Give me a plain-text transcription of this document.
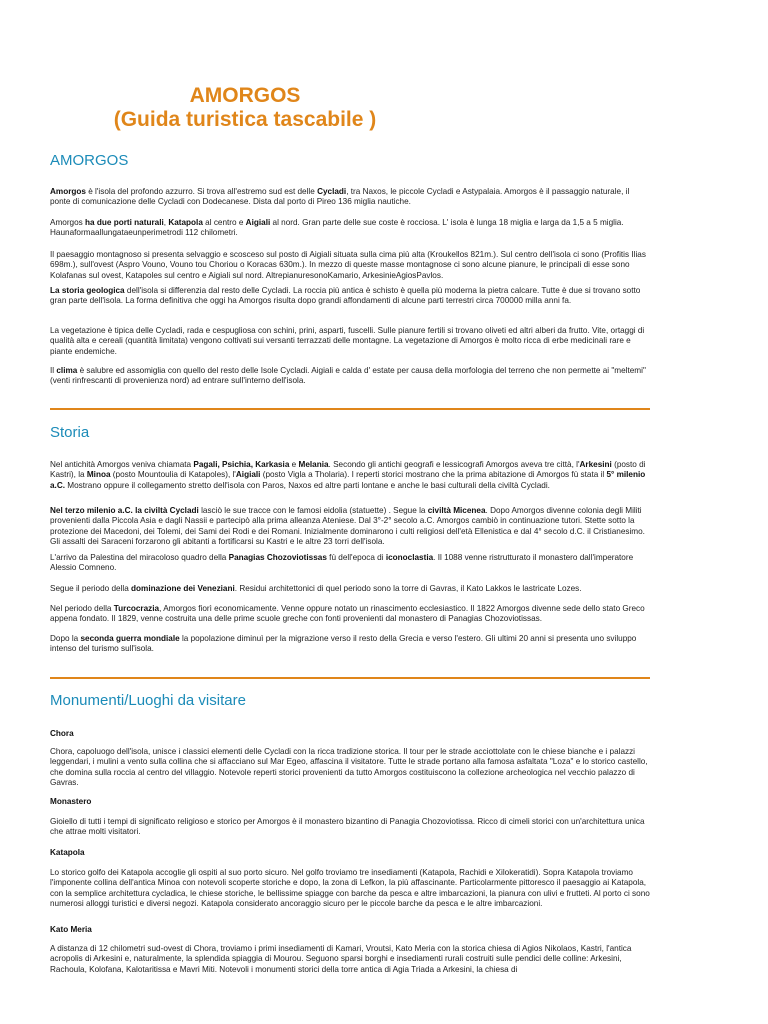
AMORGOS
(Guida turistica tascabile )
AMORGOS

Amorgos è l'isola del profondo azzurro. Si trova all'estremo sud est delle Cycladi, tra Naxos, le piccole Cycladi e Astypalaia. Amorgos è il passaggio naturale, il ponte di comunicazione delle Cycladi con Dodecanese. Dista dal porto di Pireo 136 miglia nautiche.

Amorgos ha due porti naturali, Katapola al centro e Aigiali al nord. Gran parte delle sue coste è rocciosa. L' isola è lunga 18 miglia e larga da 1,5 a 5 miglia. Haunaformaallungataeunperimetrodi 112 chilometri.

Il paesaggio montagnoso si presenta selvaggio e scosceso sul posto di Aigiali situata sulla cima più alta (Kroukellos 821m.). Sul centro dell'isola ci sono (Profitis Ilias 698m.), sull'ovest (Aspro Vouno, Vouno tou Choriou o Koracas 630m.). In mezzo di queste masse montagnose ci sono alcune pianure, le principali di esse sono Kolafanas sul ovest, Katapoles sul centro e Aigiali sul nord. AltrepianuresonoKamario, ArkesinieAgiosPavlos.

La storia geologica dell'isola si differenzia dal resto delle Cycladi. La roccia più antica è schisto è quella più moderna la pietra calcare. Tutte è due si trovano sotto gran parte dell'isola. La forma definitiva che oggi ha Amorgos risulta dopo grandi affondamenti di alcune parti terrestri circa 700000 milla anni fa.

La vegetazione è tipica delle Cycladi, rada e cespugliosa con schini, prini, asparti, fuscelli. Sulle pianure fertili si trovano oliveti ed altri alberi da frutto. Vite, ortaggi di qualità alta e cereali (quantità limitata) vengono coltivati sui versanti terrazzati delle montagne. La vegetazione di Amorgos è molto ricca di erbe medicinali rare e piante endemiche.

Il clima è salubre ed assomiglia con quello del resto delle Isole Cycladi. Aigiali e calda d' estate per causa della morfologia del terreno che non permette ai "meltemi"(venti rinfrescanti di provenienza nord) ad entrare sull'interno dell'isola.

Storia

Nel antichità Amorgos veniva chiamata Pagali, Psichia, Karkasia e Melania. Secondo gli antichi geografi e lessicografi Amorgos aveva tre città, l'Arkesini (posto di Kastri), la Minoa (posto Mountoulia di Katapoles), l'Aigiali (posto Vigla a Tholaria). I reperti storici mostrano che la prima abitazione di Amorgos fù stata il 5° milenio a.C. Mostrano oppure il collegamento stretto dell'isola con Paros, Naxos ed altre parti lontane e anche le basi culturali della civiltà Cycladi.

Nel terzo milenio a.C. la civiltà Cycladi lasciò le sue tracce con le famosi eidolia (statuette) . Segue la civiltà Micenea. Dopo Amorgos divenne colonia degli Militi provenienti dalla Piccola Asia e dagli Nassii e partecipò alla prima alleanza Ateniese. Dal 3°-2° secolo a.C. Amorgos cambiò in continuazione tutori. Stette sotto la protezione dei Macedoni, dei Tolemi, dei Sami dei Rodi e dei Romani. Inizialmente dominarono i culti religiosi dell'età Ellenistica e dal 4° secolo d.C. il Cristianesimo. Gli assalti dei Saraceni forzarono gli abitanti a fortificarsi su Kastri e le altre 23 torri dell'isola.

L'arrivo da Palestina del miracoloso quadro della Panagias Chozoviotissas fù dell'epoca di iconoclastia. Il 1088 venne ristrutturato il monastero dall'imperatore Alessio Comneno.

Segue il periodo della dominazione dei Veneziani. Residui architettonici di quel periodo sono la torre di Gavras, il Kato Lakkos le lastricate Lozes.

Nel periodo della Turcocrazia, Amorgos fiorì economicamente. Venne oppure notato un rinascimento ecclesiastico. Il 1822 Amorgos divenne sede dello stato Greco appena fondato. Il 1829, venne costruita una delle prime scuole greche con fonti provenienti dal monastero di Panagias Chozoviotissas.

Dopo la seconda guerra mondiale la popolazione diminuì per la migrazione verso il resto della Grecia e verso l'estero. Gli ultimi 20 anni si presenta uno sviluppo intenso del turismo sull'isola.

Monumenti/Luoghi da visitare
Chora

Chora, capoluogo dell'isola, unisce i classici elementi delle Cycladi con la ricca tradizione storica. Il tour per le strade acciottolate con le chiese bianche e i palazzi leggendari, i mulini a vento sulla collina che si affacciano sul Mar Egeo, affascina il visitatore. Tutte le strade portano alla famosa asfaltata "Loza" e lo storico castello, che domina sulla roccia al centro del villaggio. Notevole reperti storici provenienti da tutto Amorgos costituiscono la collezione archeologica nel vecchio palazzo di Gavras.

Monastero

Gioiello di tutti i tempi di significato religioso e storico per Amorgos è il monastero bizantino di Panagia Chozoviotissa. Ricco di cimeli storici con un'architettura unica che attrae molti visitatori.

Katapola

Lo storico golfo dei Katapola accoglie gli ospiti al suo porto sicuro. Nel golfo troviamo tre insediamenti (Katapola, Rachidi e Xilokeratidi). Sopra Katapola troviamo l'imponente collina dell'antica Minoa con notevoli scoperte storiche e dopo, la zona di Lefkon, la più affascinante. Particolarmente pittoresco il paesaggio ai Katapola, con la semplice architettura cycladica, le chiese storiche, le bellissime spiagge con barche da pesca e altre imbarcazioni, la pianura con ulivi e frutteti. Al porto ci sono numerosi alloggi turistici e diversi negozi. Katapola considerato ancoraggio sicuro per le piccole barche da pesca e le altre imbarcazioni.

Kato Meria

A distanza di 12 chilometri sud-ovest di Chora, troviamo i primi insediamenti di Kamari, Vroutsi, Kato Meria con la storica chiesa di Agios Nikolaos, Kastri, l'antica acropolis di Arkesini e, naturalmente, la splendida spiaggia di Mourou. Seguono sparsi borghi e insediamenti rurali costruiti sulle pendici delle colline: Arkesini, Rachoula, Kolofana, Kalotaritissa e Mavri Miti. Notevoli i monumenti storici della torre antica di Agia Triada a Arkesini, la chiesa di
